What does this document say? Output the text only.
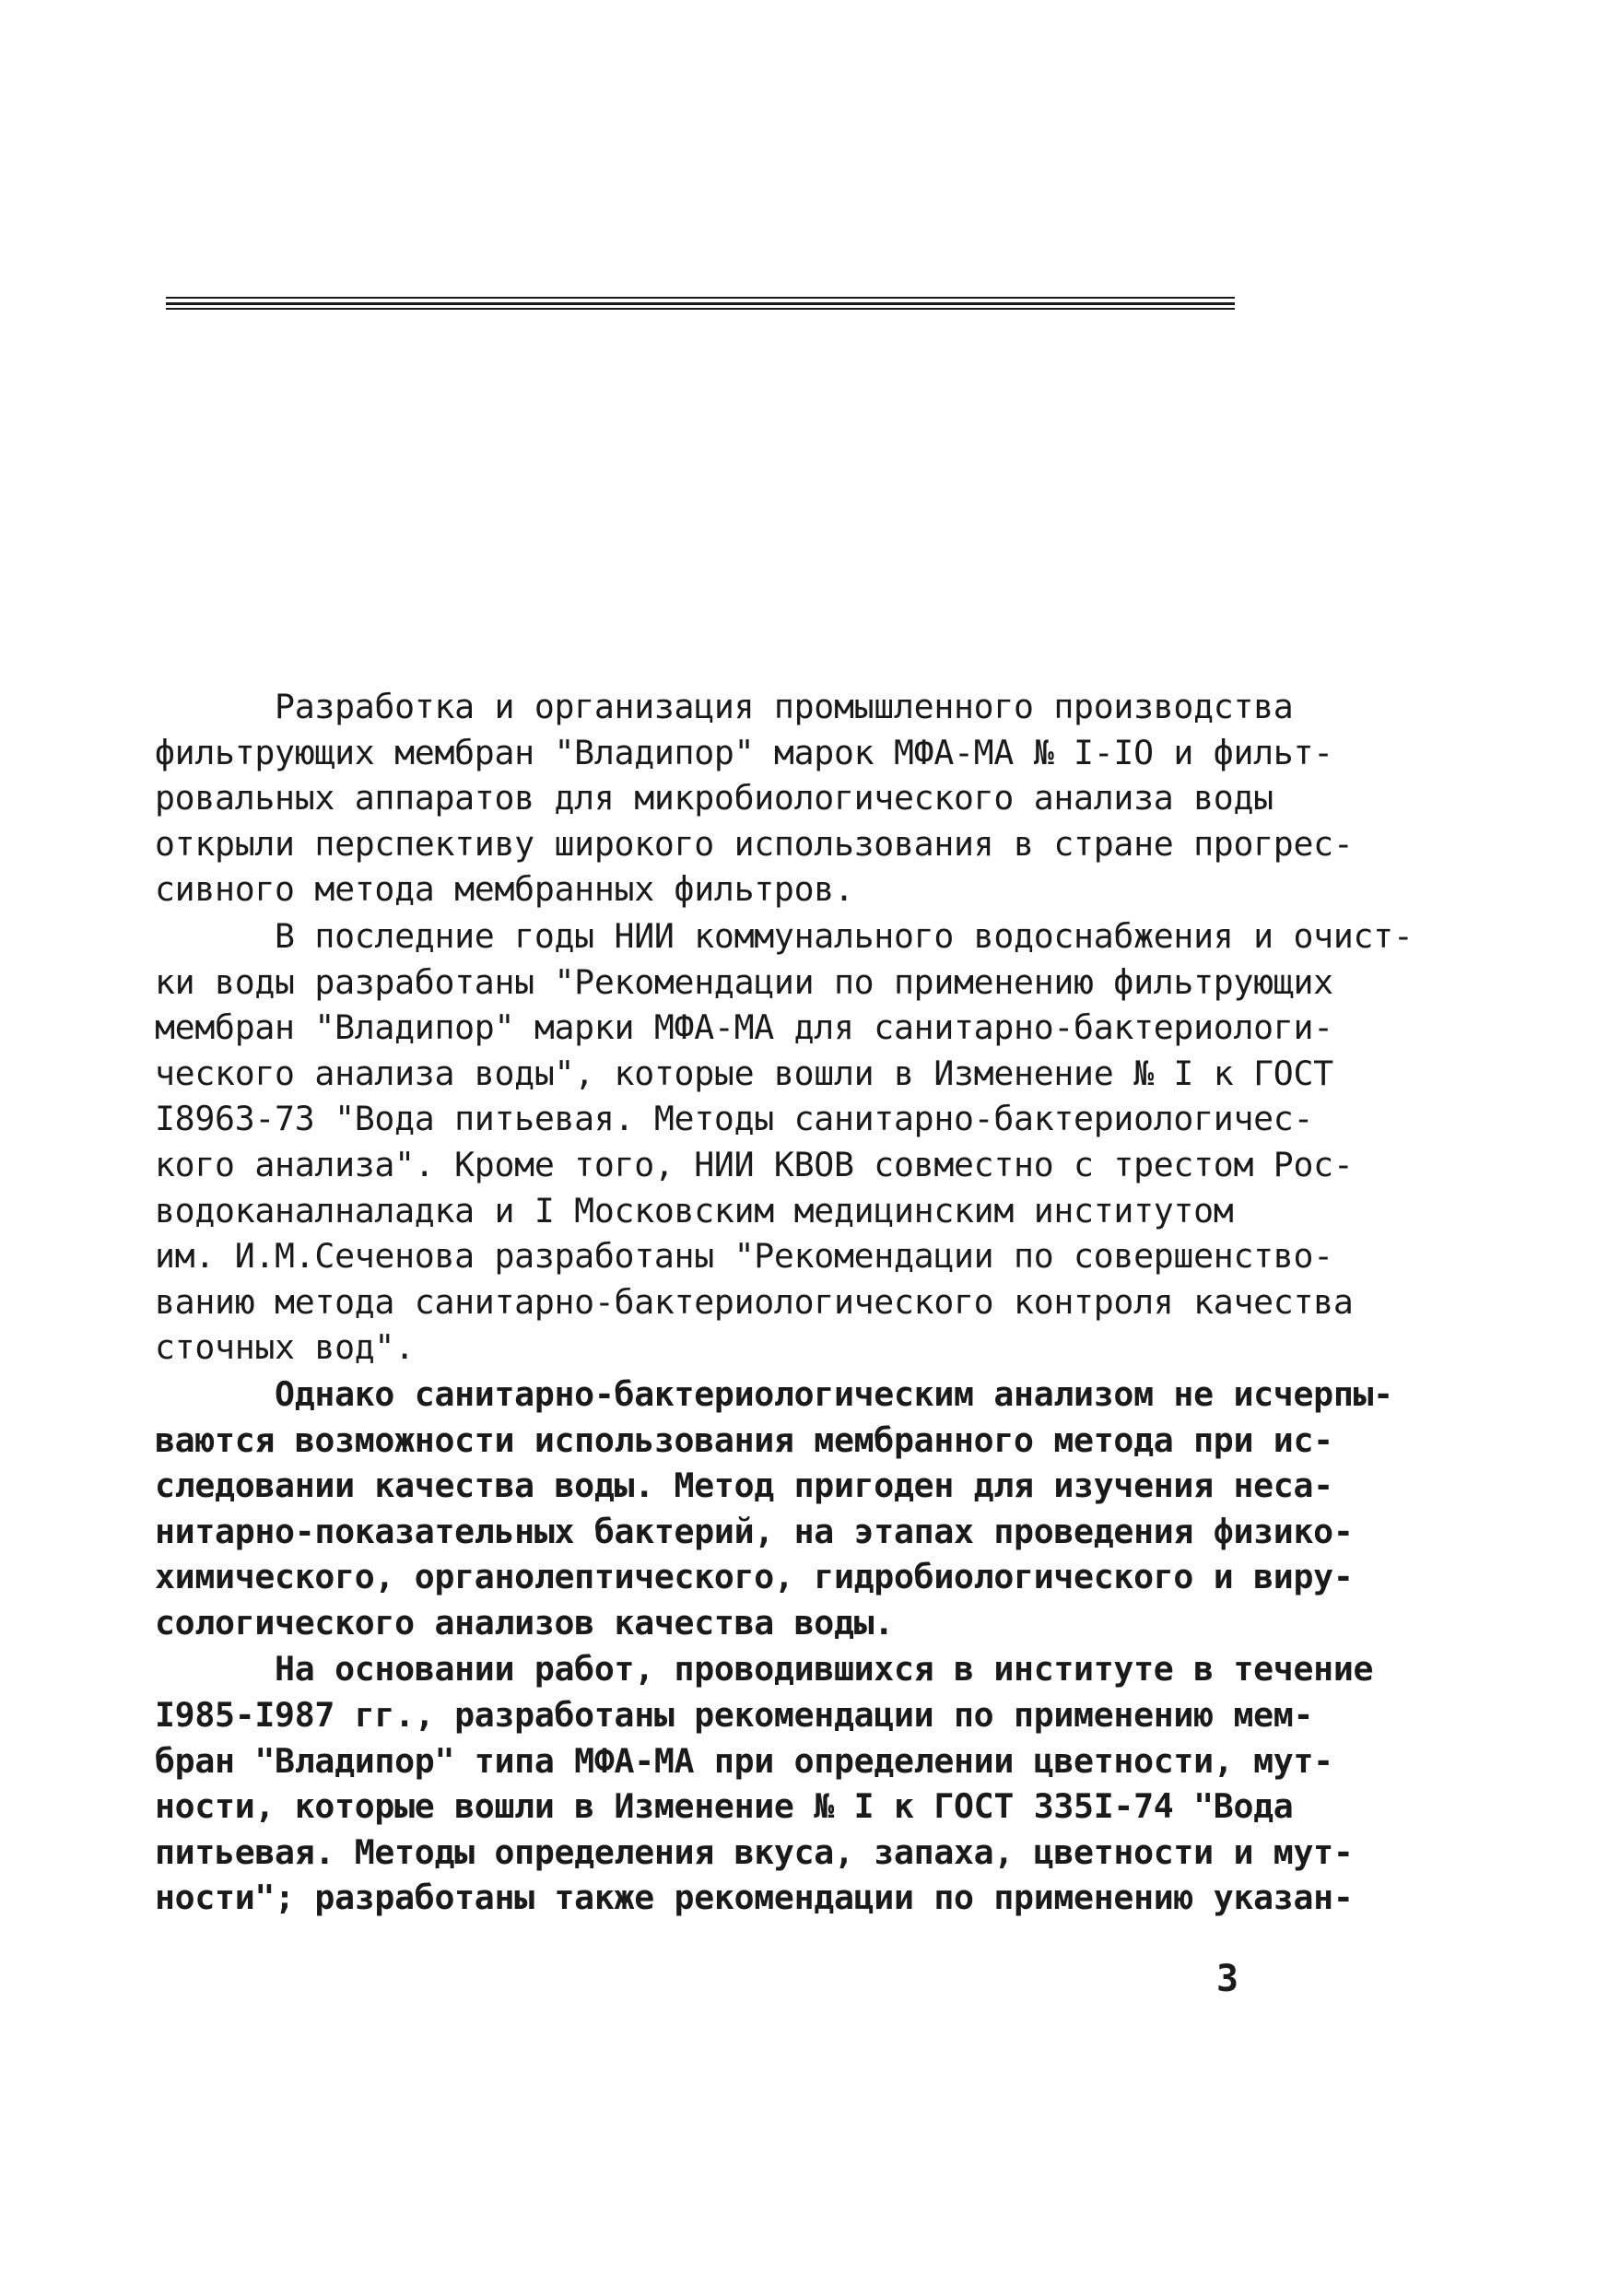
Разработка и организация промышленного производства
фильтрующих мембран "Владипор" марок МФА-МА № I-IO и фильт-
ровальных аппаратов для микробиологического анализа воды
открыли перспективу широкого использования в стране прогрес-
сивного метода мембранных фильтров.
В последние годы НИИ коммунального водоснабжения и очист-
ки воды разработаны "Рекомендации по применению фильтрующих
мембран "Владипор" марки МФА-МА для санитарно-бактериологи-
ческого анализа воды", которые вошли в Изменение № I к ГОСТ
I8963-73 "Вода питьевая. Методы санитарно-бактериологичес-
кого анализа". Кроме того, НИИ КВОВ совместно с трестом Рос-
водоканалналадка и I Московским медицинским институтом
им. И.М.Сеченова разработаны "Рекомендации по совершенство-
ванию метода санитарно-бактериологического контроля качества
сточных вод".
Однако санитарно-бактериологическим анализом не исчерпы-
ваются возможности использования мембранного метода при ис-
следовании качества воды. Метод пригоден для изучения неса-
нитарно-показательных бактерий, на этапах проведения физико-
химического, органолептического, гидробиологического и виру-
сологического анализов качества воды.
На основании работ, проводившихся в институте в течение
I985-I987 гг., разработаны рекомендации по применению мем-
бран "Владипор" типа МФА-МА при определении цветности, мут-
ности, которые вошли в Изменение № I к ГОСТ 335I-74 "Вода
питьевая. Методы определения вкуса, запаха, цветности и мут-
ности"; разработаны также рекомендации по применению указан-
3
